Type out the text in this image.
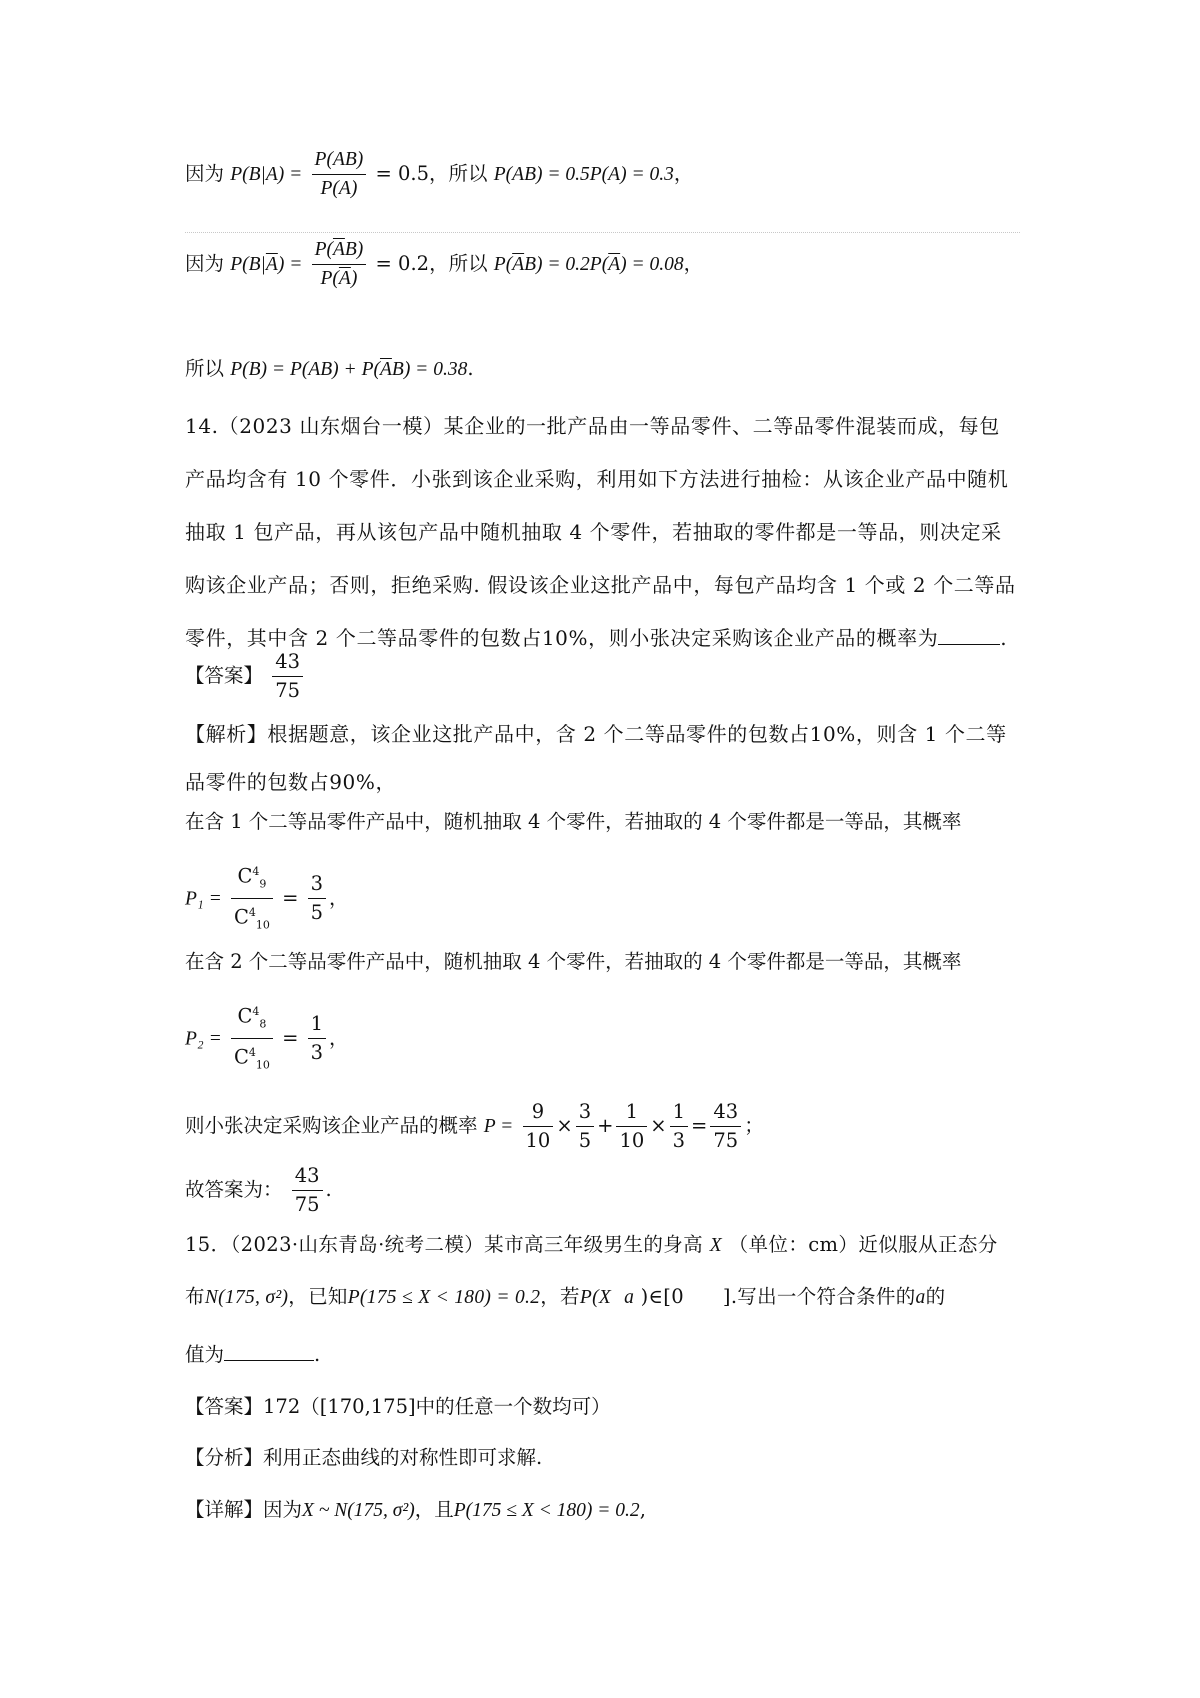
因为 $P(B|A) = \frac{P(AB)}{P(A)} = 0.5$，所以 P(AB) = 0.5P(A) = 0.3，
因为 $P(B|\overline{A}) = \frac{P(\overline{A}B)}{P(\overline{A})} = 0.2$，所以 $P(\overline{A}B) = 0.2P(\overline{A}) = 0.08$，
所以 $P(B) = P(AB) + P(\overline{A}B) = 0.38$.
14.（2023 山东烟台一模）某企业的一批产品由一等品零件、二等品零件混装而成，每包产品均含有 10 个零件．小张到该企业采购，利用如下方法进行抽检：从该企业产品中随机抽取 1 包产品，再从该包产品中随机抽取 4 个零件，若抽取的零件都是一等品，则决定采购该企业产品；否则，拒绝采购. 假设该企业这批产品中，每包产品均含 1 个或 2 个二等品零件，其中含 2 个二等品零件的包数占10%，则小张决定采购该企业产品的概率为	.
【答案】 $\frac{43}{75}$
【解析】根据题意，该企业这批产品中，含 2 个二等品零件的包数占10%，则含 1 个二等品零件的包数占90%，
在含 1 个二等品零件产品中，随机抽取 4 个零件，若抽取的 4 个零件都是一等品，其概率
$P_1 = \frac{C^4_9}{C^4_{10}} = \frac{3}{5}$ ，
在含 2 个二等品零件产品中，随机抽取 4 个零件，若抽取的 4 个零件都是一等品，其概率
$P_2 = \frac{C^4_8}{C^4_{10}} = \frac{1}{3}$ ，
则小张决定采购该企业产品的概率 $P = \frac{9}{10} \times \frac{3}{5} + \frac{1}{10} \times \frac{1}{3} = \frac{43}{75}$ ；
故答案为： $\frac{43}{75}$ .
15．（2023·山东青岛·统考二模）某市高三年级男生的身高 X （单位：cm）近似服从正态分
布N(175, σ²)，已知P(175 ≤ X < 180) = 0.2，若P(X a )∈[0 ].写出一个符合条件的a的
值为	.
【答案】172（[170,175]中的任意一个数均可）
【分析】利用正态曲线的对称性即可求解.
【详解】因为X ~ N(175, σ²)，且P(175 ≤ X < 180) = 0.2,
